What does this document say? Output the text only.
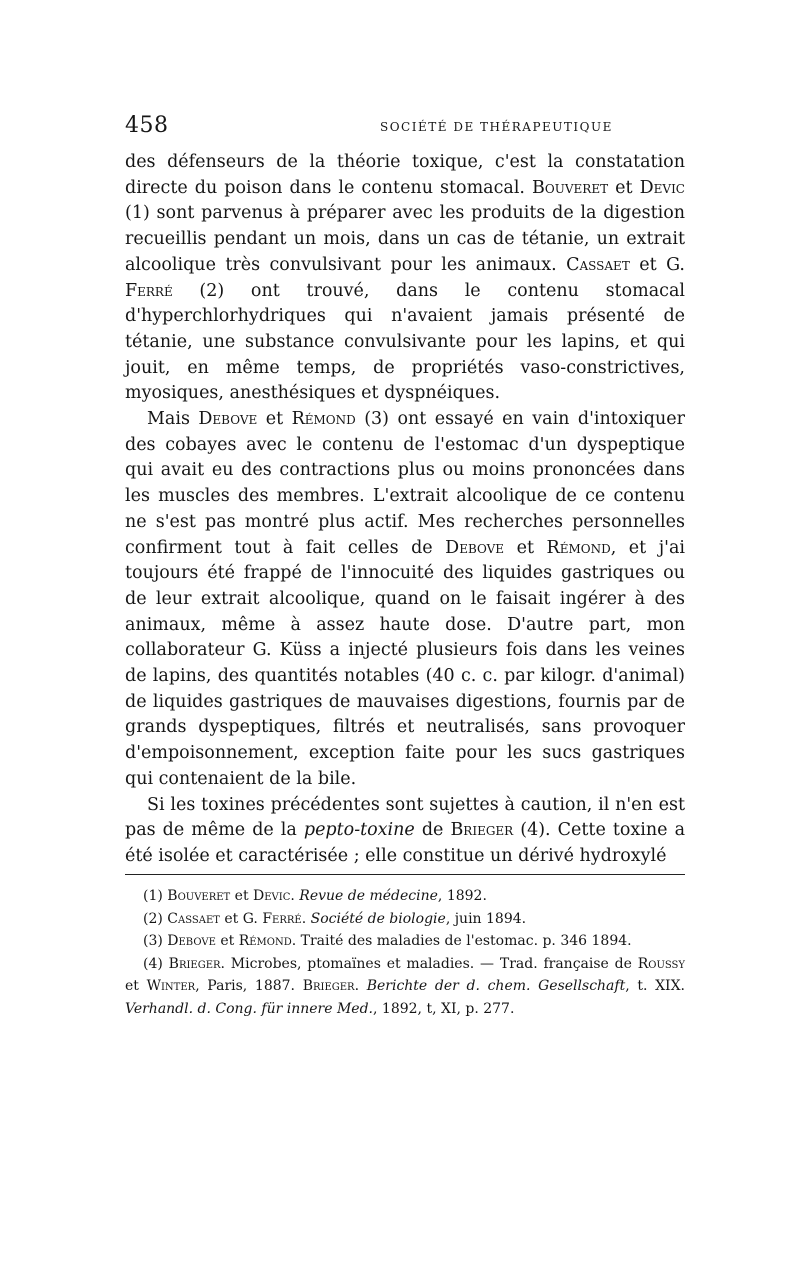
458	SOCIÉTÉ DE THÉRAPEUTIQUE

des défenseurs de la théorie toxique, c'est la constatation directe du poison dans le contenu stomacal. Bouveret et Devic (1) sont parvenus à préparer avec les produits de la digestion recueillis pendant un mois, dans un cas de tétanie, un extrait alcoolique très convulsivant pour les animaux. Cassaet et G. Ferré (2) ont trouvé, dans le contenu stomacal d'hyperchlorhydriques qui n'avaient jamais présenté de tétanie, une substance convulsivante pour les lapins, et qui jouit, en même temps, de propriétés vaso-constrictives, myosiques, anesthésiques et dyspnéiques.

Mais Debove et Rémond (3) ont essayé en vain d'intoxiquer des cobayes avec le contenu de l'estomac d'un dyspeptique qui avait eu des contractions plus ou moins prononcées dans les muscles des membres. L'extrait alcoolique de ce contenu ne s'est pas montré plus actif. Mes recherches personnelles confirment tout à fait celles de Debove et Rémond, et j'ai toujours été frappé de l'innocuité des liquides gastriques ou de leur extrait alcoolique, quand on le faisait ingérer à des animaux, même à assez haute dose. D'autre part, mon collaborateur G. Küss a injecté plusieurs fois dans les veines de lapins, des quantités notables (40 c. c. par kilogr. d'animal) de liquides gastriques de mauvaises digestions, fournis par de grands dyspeptiques, filtrés et neutralisés, sans provoquer d'empoisonnement, exception faite pour les sucs gastriques qui contenaient de la bile.

Si les toxines précédentes sont sujettes à caution, il n'en est pas de même de la pepto-toxine de Brieger (4). Cette toxine a été isolée et caractérisée ; elle constitue un dérivé hydroxylé

(1) Bouveret et Devic. Revue de médecine, 1892.

(2) Cassaet et G. Ferré. Société de biologie, juin 1894.

(3) Debove et Rémond. Traité des maladies de l'estomac. p. 346 1894.

(4) Brieger. Microbes, ptomaïnes et maladies. — Trad. française de Roussy et Winter, Paris, 1887. Brieger. Berichte der d. chem. Gesellschaft, t. XIX. Verhandl. d. Cong. für innere Med., 1892, t, XI, p. 277.
